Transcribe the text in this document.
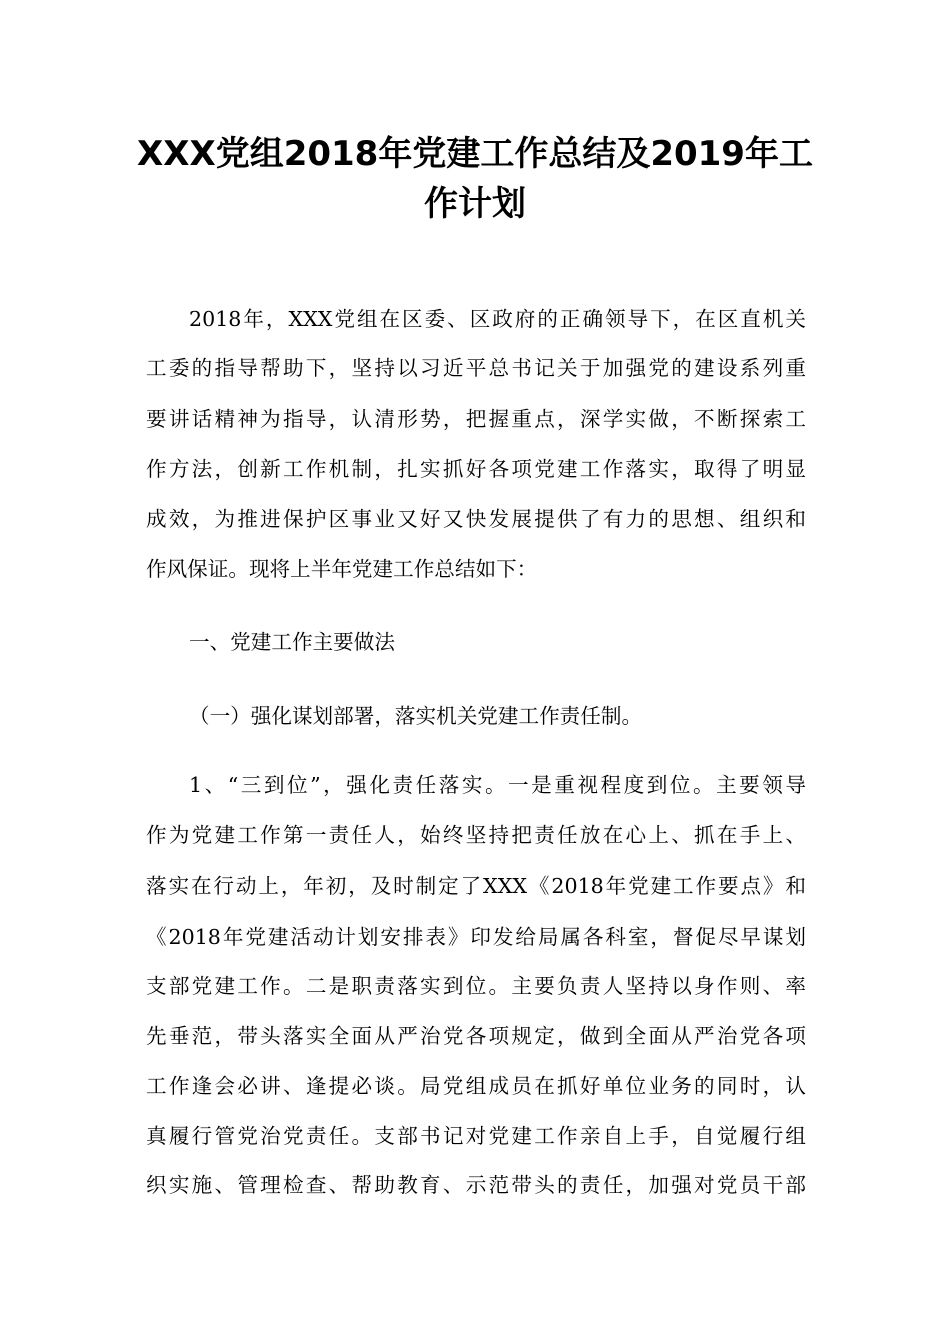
XXX党组2018年党建工作总结及2019年工
作计划
2018年，XXX党组在区委、区政府的正确领导下，在区直机关
工委的指导帮助下，坚持以习近平总书记关于加强党的建设系列重
要讲话精神为指导，认清形势，把握重点，深学实做，不断探索工
作方法，创新工作机制，扎实抓好各项党建工作落实，取得了明显
成效，为推进保护区事业又好又快发展提供了有力的思想、组织和
作风保证。现将上半年党建工作总结如下：
一、党建工作主要做法
（一）强化谋划部署，落实机关党建工作责任制。
1、“三到位”，强化责任落实。一是重视程度到位。主要领导
作为党建工作第一责任人，始终坚持把责任放在心上、抓在手上、
落实在行动上，年初，及时制定了XXX《2018年党建工作要点》和
《2018年党建活动计划安排表》印发给局属各科室，督促尽早谋划
支部党建工作。二是职责落实到位。主要负责人坚持以身作则、率
先垂范，带头落实全面从严治党各项规定，做到全面从严治党各项
工作逢会必讲、逢提必谈。局党组成员在抓好单位业务的同时，认
真履行管党治党责任。支部书记对党建工作亲自上手，自觉履行组
织实施、管理检查、帮助教育、示范带头的责任，加强对党员干部
